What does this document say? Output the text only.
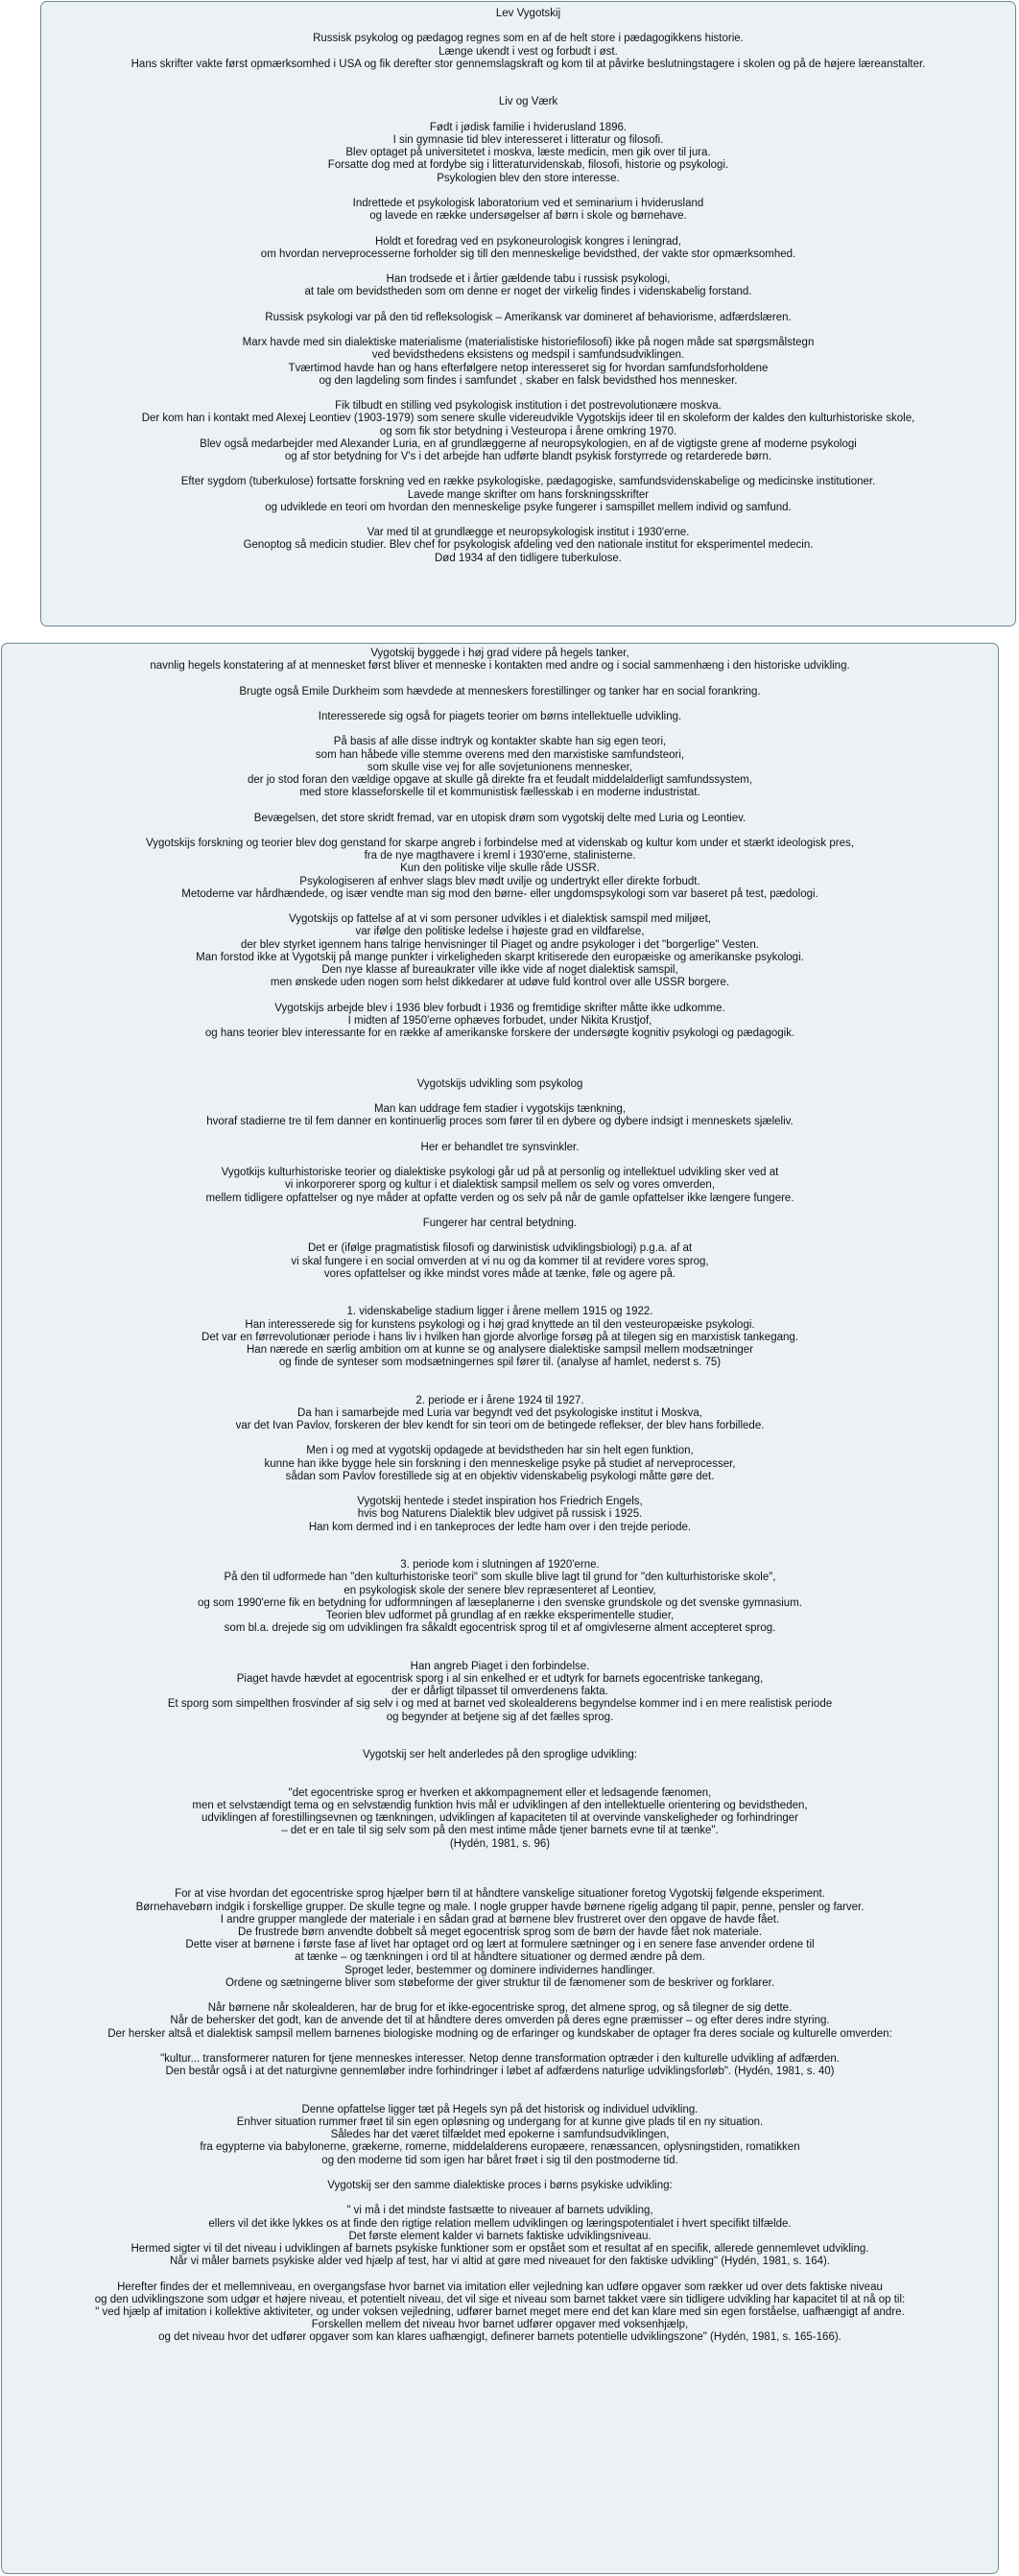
Lev Vygotskij

Russisk psykolog og pædagog regnes som en af de helt store i pædagogikkens historie.

Længe ukendt i vest og forbudt i øst.

Hans skrifter vakte først opmærksomhed i USA og fik derefter stor gennemslagskraft og kom til at påvirke beslutningstagere i skolen og på de højere læreanstalter.

Liv og Værk

Født i jødisk familie i hviderusland 1896.

I sin gymnasie tid blev interesseret i litteratur og filosofi.

Blev optaget på universitetet i moskva, læste medicin, men gik over til jura.

Forsatte dog med at fordybe sig i litteraturvidenskab, filosofi, historie og psykologi.

Psykologien blev den store interesse.

Indrettede et psykologisk laboratorium ved et seminarium i hviderusland

og lavede en række undersøgelser af børn i skole og børnehave.

Holdt et foredrag ved en psykoneurologisk kongres i leningrad,

om hvordan nerveprocesserne forholder sig till den menneskelige bevidsthed, der vakte stor opmærksomhed.

Han trodsede et i årtier gældende tabu i russisk psykologi,

at tale om bevidstheden som om denne er noget der virkelig findes i videnskabelig forstand.

Russisk psykologi var på den tid refleksologisk – Amerikansk var domineret af behaviorisme, adfærdslæren.

Marx havde med sin dialektiske materialisme (materialistiske historiefilosofi) ikke på nogen måde sat spørgsmålstegn

ved bevidsthedens eksistens og medspil i samfundsudviklingen.

Tværtimod havde han og hans efterfølgere netop interesseret sig for hvordan samfundsforholdene

og den lagdeling som findes i samfundet , skaber en falsk bevidsthed hos mennesker.

Fik tilbudt en stilling ved psykologisk institution i det postrevolutionære moskva.

Der kom han i kontakt med Alexej Leontiev (1903-1979) som senere skulle videreudvikle Vygotskijs ideer til en skoleform der kaldes den kulturhistoriske skole,

og som fik stor betydning i Vesteuropa i årene omkring 1970.

Blev også medarbejder med Alexander Luria, en af grundlæggerne af neuropsykologien, en af de vigtigste grene af moderne psykologi

og af stor betydning for V's i det arbejde han udførte blandt psykisk forstyrrede og retarderede børn.

Efter sygdom (tuberkulose) fortsatte forskning ved en række psykologiske, pædagogiske, samfundsvidenskabelige og medicinske institutioner.

Lavede mange skrifter om hans forskningsskrifter

og udviklede en teori om hvordan den menneskelige psyke fungerer i samspillet mellem individ og samfund.

Var med til at grundlægge et neuropsykologisk institut i 1930'erne.

Genoptog så medicin studier. Blev chef for psykologisk afdeling ved den nationale institut for eksperimentel medecin.

Død 1934 af den tidligere tuberkulose.

Vygotskij byggede i høj grad videre på hegels tanker,

navnlig hegels konstatering af at mennesket først bliver et menneske i kontakten med andre og i social sammenhæng i den historiske udvikling.

Brugte også Emile Durkheim som hævdede at menneskers forestillinger og tanker har en social forankring.

Interesserede sig også for piagets teorier om børns intellektuelle udvikling.

På basis af alle disse indtryk og kontakter skabte han sig egen teori,

som han håbede ville stemme overens med den marxistiske samfundsteori,

som skulle vise vej for alle sovjetunionens mennesker,

der jo stod foran den vældige opgave at skulle gå direkte fra et feudalt middelalderligt samfundssystem,

med store klasseforskelle til et kommunistisk fællesskab i en moderne industristat.

Bevægelsen, det store skridt fremad, var en utopisk drøm som vygotskij delte med Luria og Leontiev.

Vygotskijs forskning og teorier blev dog genstand for skarpe angreb i forbindelse med at videnskab og kultur kom under et stærkt ideologisk pres,

fra de nye magthavere i kreml i 1930'erne, stalinisterne.

Kun den politiske vilje skulle råde USSR.

Psykologiseren af enhver slags blev mødt uvilje og undertrykt eller direkte forbudt.

Metoderne var hårdhændede, og især vendte man sig mod den børne- eller ungdomspsykologi som var baseret på test, pædologi.

Vygotskijs op fattelse af at vi som personer udvikles i et dialektisk samspil med miljøet,

var ifølge den politiske ledelse i højeste grad en vildfarelse,

der blev styrket igennem hans talrige henvisninger til Piaget og andre psykologer i det "borgerlige" Vesten.

Man forstod ikke at Vygotskij på mange punkter i virkeligheden skarpt kritiserede den europæiske og amerikanske psykologi.

Den nye klasse af bureaukrater ville ikke vide af noget dialektisk samspil,

men ønskede uden nogen som helst dikkedarer at udøve fuld kontrol over alle USSR borgere.

Vygotskijs arbejde blev i 1936 blev forbudt i 1936 og fremtidige skrifter måtte ikke udkomme.

I midten af 1950'erne ophæves forbudet, under Nikita Krustjof,

og hans teorier blev interessante for en række af amerikanske forskere der undersøgte kognitiv psykologi og pædagogik.

Vygotskijs udvikling som psykolog

Man kan uddrage fem stadier i vygotskijs tænkning,

hvoraf stadierne tre til fem danner en kontinuerlig proces som fører til en dybere og dybere indsigt i menneskets sjæleliv.

Her er behandlet tre synsvinkler.

Vygotkijs kulturhistoriske teorier og dialektiske psykologi går ud på at personlig og intellektuel udvikling sker ved at

vi inkorporerer sporg og kultur i et dialektisk sampsil mellem os selv og vores omverden,

mellem tidligere opfattelser og nye måder at opfatte verden og os selv på når de gamle opfattelser ikke længere fungere.

Fungerer har central betydning.

Det er (ifølge pragmatistisk filosofi og darwinistisk udviklingsbiologi) p.g.a. af at

vi skal fungere i en social omverden at vi nu og da kommer til at revidere vores sprog,

vores opfattelser og ikke mindst vores måde at tænke, føle og agere på.

1. videnskabelige stadium ligger i årene mellem 1915 og 1922.

Han interesserede sig for kunstens psykologi og i høj grad knyttede an til den vesteuropæiske psykologi.

Det var en førrevolutionær periode i hans liv i hvilken han gjorde alvorlige forsøg på at tilegen sig en marxistisk tankegang.

Han nærede en særlig ambition om at kunne se og analysere dialektiske sampsil mellem modsætninger

og finde de synteser som modsætningernes spil fører til. (analyse af hamlet, nederst s. 75)

2. periode er i årene 1924 til 1927.

Da han i samarbejde med Luria var begyndt ved det psykologiske institut i Moskva,

var det Ivan Pavlov, forskeren der blev kendt for sin teori om de betingede reflekser, der blev hans forbillede.

Men i og med at vygotskij opdagede at bevidstheden har sin helt egen funktion,

kunne han ikke bygge hele sin forskning i den menneskelige psyke på studiet af nerveprocesser,

sådan som Pavlov forestillede sig at en objektiv videnskabelig psykologi måtte gøre det.

Vygotskij hentede i stedet inspiration hos Friedrich Engels,

hvis bog Naturens Dialektik blev udgivet på russisk i 1925.

Han kom dermed ind i en tankeproces der ledte ham over i den trejde periode.

3. periode kom i slutningen af 1920'erne.

På den til udformede han "den kulturhistoriske teori" som skulle blive lagt til grund for "den kulturhistoriske skole",

en psykologisk skole der senere blev repræsenteret af Leontiev,

og som 1990'erne fik en betydning for udformningen af læseplanerne i den svenske grundskole og det svenske gymnasium.

Teorien blev udformet på grundlag af en række eksperimentelle studier,

som bl.a. drejede sig om udviklingen fra såkaldt egocentrisk sprog til et af omgivleserne alment accepteret sprog.

Han angreb Piaget i den forbindelse.

Piaget havde hævdet at egocentrisk sporg i al sin enkelhed er et udtyrk for barnets egocentriske tankegang,

der er dårligt tilpasset til omverdenens fakta.

Et sporg som simpelthen frosvinder af sig selv i og med at barnet ved skolealderens begyndelse kommer ind i en mere realistisk periode

og begynder at betjene sig af det fælles sprog.

Vygotskij ser helt anderledes på den sproglige udvikling:

"det egocentriske sprog er hverken et akkompagnement eller et ledsagende fænomen,

men et selvstændigt tema og en selvstændig funktion hvis mål er udviklingen af den intellektuelle orientering og bevidstheden,

udviklingen af forestillingsevnen og tænkningen, udviklingen af kapaciteten til at overvinde vanskeligheder og forhindringer

– det er en tale til sig selv som på den mest intime måde tjener barnets evne til at tænke".

(Hydén, 1981, s. 96)

For at vise hvordan det egocentriske sprog hjælper børn til at håndtere vanskelige situationer foretog Vygotskij følgende eksperiment.

Børnehavebørn indgik i forskellige grupper. De skulle tegne og male. I nogle grupper havde børnene rigelig adgang til papir, penne, pensler og farver.

I andre grupper manglede der materiale i en sådan grad at børnene blev frustreret over den opgave de havde fået.

De frustrede børn anvendte dobbelt så meget egocentrisk sprog som de børn der havde fået nok materiale.

Dette viser at børnene i første fase af livet har optaget ord og lært at formulere sætninger og i en senere fase anvender ordene til

at tænke – og tænkningen i ord til at håndtere situationer og dermed ændre på dem.

Sproget leder, bestemmer og dominere individernes handlinger.

Ordene og sætningerne bliver som støbeforme der giver struktur til de fænomener som de beskriver og forklarer.

Når børnene når skolealderen, har de brug for et ikke-egocentriske sprog, det almene sprog, og så tilegner de sig dette.

Når de behersker det godt, kan de anvende det til at håndtere deres omverden på deres egne præmisser – og efter deres indre styring.

Der hersker altså et dialektisk sampsil mellem barnenes biologiske modning og de erfaringer og kundskaber de optager fra deres sociale og kulturelle omverden:

"kultur... transformerer naturen for tjene menneskes interesser. Netop denne transformation optræder i den kulturelle udvikling af adfærden.

Den består også i at det naturgivne gennemløber indre forhindringer i løbet af adfærdens naturlige udviklingsforløb". (Hydén, 1981, s. 40)

Denne opfattelse ligger tæt på Hegels syn på det historisk og individuel udvikling.

Enhver situation rummer frøet til sin egen opløsning og undergang for at kunne give plads til en ny situation.

Således har det været tilfældet med epokerne i samfundsudviklingen,

fra egypterne via babylonerne, grækerne, romerne, middelalderens europæere, renæssancen, oplysningstiden, romatikken

og den moderne tid som igen har båret frøet i sig til den postmoderne tid.

Vygotskij ser den samme dialektiske proces i børns psykiske udvikling:

" vi må i det mindste fastsætte to niveauer af barnets udvikling,

ellers vil det ikke lykkes os at finde den rigtige relation mellem udviklingen og læringspotentialet i hvert specifikt tilfælde.

Det første element kalder vi barnets faktiske udviklingsniveau.

Hermed sigter vi til det niveau i udviklingen af barnets psykiske funktioner som er opstået som et resultat af en specifik, allerede gennemlevet udvikling.

Når vi måler barnets psykiske alder ved hjælp af test, har vi altid at gøre med niveauet for den faktiske udvikling" (Hydén, 1981, s. 164).

Herefter findes der et mellemniveau, en overgangsfase hvor barnet via imitation eller vejledning kan udføre opgaver som rækker ud over dets faktiske niveau

og den udviklingszone som udgør et højere niveau, et potentielt niveau, det vil sige et niveau som barnet takket være sin tidligere udvikling har kapacitet til at nå op til:

" ved hjælp af imitation i kollektive aktiviteter, og under voksen vejledning, udfører barnet meget mere end det kan klare med sin egen forståelse, uafhængigt af andre.

Forskellen mellem det niveau hvor barnet udfører opgaver med voksenhjælp,

og det niveau hvor det udfører opgaver som kan klares uafhængigt, definerer barnets potentielle udviklingszone" (Hydén, 1981, s. 165-166).
